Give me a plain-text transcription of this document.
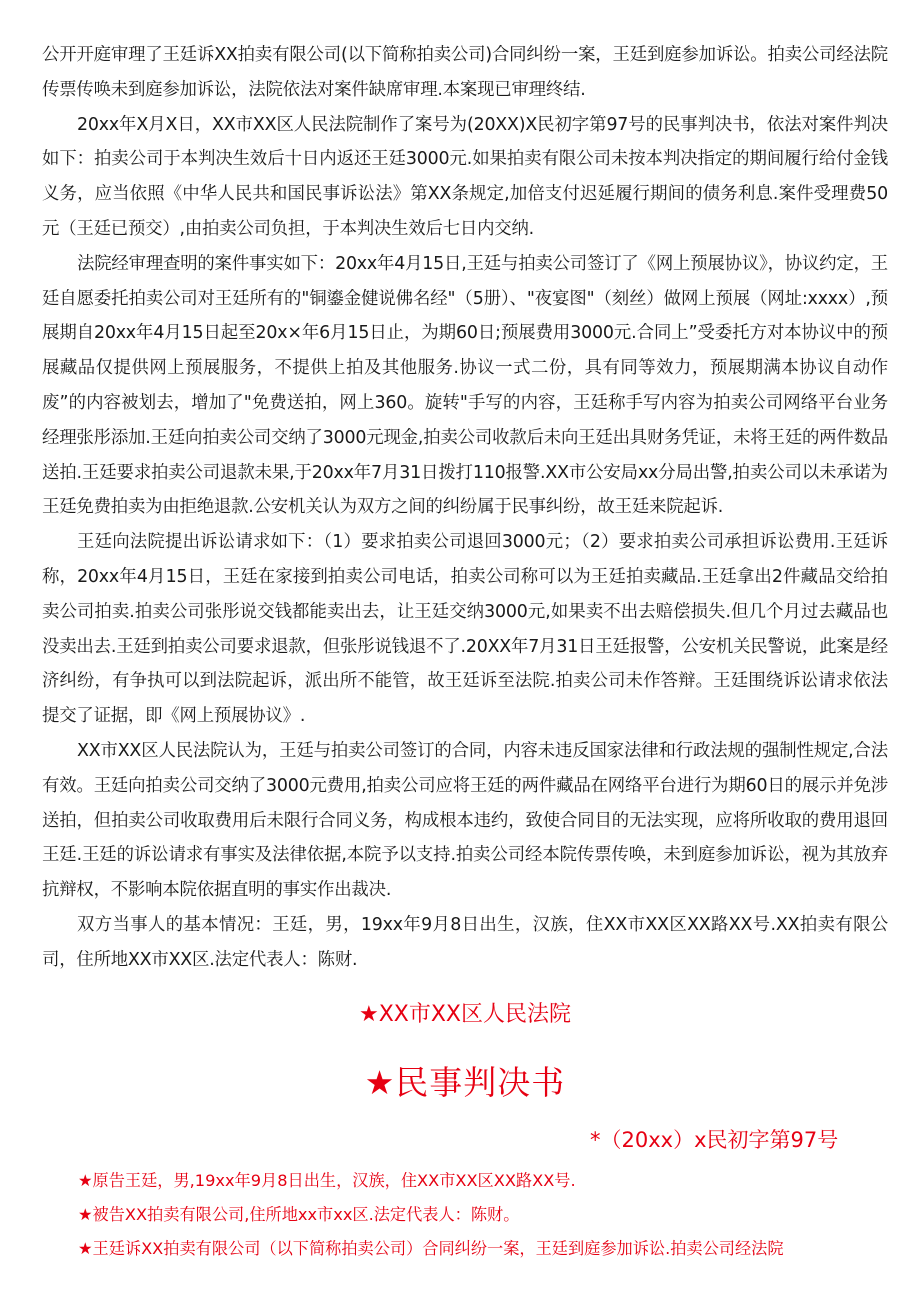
公开开庭审理了王廷诉XX拍卖有限公司(以下简称拍卖公司)合同纠纷一案，王廷到庭参加诉讼。拍卖公司经法院传票传唤未到庭参加诉讼，法院依法对案件缺席审理.本案现已审理终结.

20xx年X月X日，XX市XX区人民法院制作了案号为(20XX)X民初字第97号的民事判决书，依法对案件判决如下：拍卖公司于本判决生效后十日内返还王廷3000元.如果拍卖有限公司未按本判决指定的期间履行给付金钱义务，应当依照《中华人民共和国民事诉讼法》第XX条规定,加倍支付迟延履行期间的债务利息.案件受理费50元（王廷已预交）,由拍卖公司负担，于本判决生效后七日内交纳.

法院经审理查明的案件事实如下：20xx年4月15日,王廷与拍卖公司签订了《网上预展协议》，协议约定，王廷自愿委托拍卖公司对王廷所有的"铜鎏金健说佛名经"（5册）、"夜宴图"（刻丝）做网上预展（网址:xxxx）,预展期自20xx年4月15日起至20x×年6月15日止，为期60日;预展费用3000元.合同上”受委托方对本协议中的预展藏品仅提供网上预展服务，不提供上拍及其他服务.协议一式二份，具有同等效力，预展期满本协议自动作废”的内容被划去，增加了"免费送拍，网上360。旋转"手写的内容，王廷称手写内容为拍卖公司网络平台业务经理张彤添加.王廷向拍卖公司交纳了3000元现金,拍卖公司收款后未向王廷出具财务凭证，未将王廷的两件数品送拍.王廷要求拍卖公司退款未果,于20xx年7月31日拨打110报警.XX市公安局xx分局出警,拍卖公司以未承诺为王廷免费拍卖为由拒绝退款.公安机关认为双方之间的纠纷属于民事纠纷，故王廷来院起诉.

王廷向法院提出诉讼请求如下：（1）要求拍卖公司退回3000元；（2）要求拍卖公司承担诉讼费用.王廷诉称，20xx年4月15日，王廷在家接到拍卖公司电话，拍卖公司称可以为王廷拍卖藏品.王廷拿出2件藏品交给拍卖公司拍卖.拍卖公司张彤说交钱都能卖出去，让王廷交纳3000元,如果卖不出去赔偿损失.但几个月过去藏品也没卖出去.王廷到拍卖公司要求退款，但张彤说钱退不了.20XX年7月31日王廷报警，公安机关民警说，此案是经济纠纷，有争执可以到法院起诉，派出所不能管，故王廷诉至法院.拍卖公司未作答辩。王廷围绕诉讼请求依法提交了证据，即《网上预展协议》.

XX市XX区人民法院认为，王廷与拍卖公司签订的合同，内容未违反国家法律和行政法规的强制性规定,合法有效。王廷向拍卖公司交纳了3000元费用,拍卖公司应将王廷的两件藏品在网络平台进行为期60日的展示并免涉送拍，但拍卖公司收取费用后未限行合同义务，构成根本违约，致使合同目的无法实现，应将所收取的费用退回王廷.王廷的诉讼请求有事实及法律依据,本院予以支持.拍卖公司经本院传票传唤，未到庭参加诉讼，视为其放弃抗辩权，不影响本院依据直明的事实作出裁决.

双方当事人的基本情况：王廷，男，19xx年9月8日出生，汉族，住XX市XX区XX路XX号.XX拍卖有限公司，住所地XX市XX区.法定代表人：陈财.

★XX市XX区人民法院
★民事判决书
*（20xx）x民初字第97号

★原告王廷，男,19xx年9月8日出生，汉族，住XX市XX区XX路XX号.

★被告XX拍卖有限公司,住所地xx市xx区.法定代表人：陈财。

★王廷诉XX拍卖有限公司（以下简称拍卖公司）合同纠纷一案，王廷到庭参加诉讼.拍卖公司经法院
